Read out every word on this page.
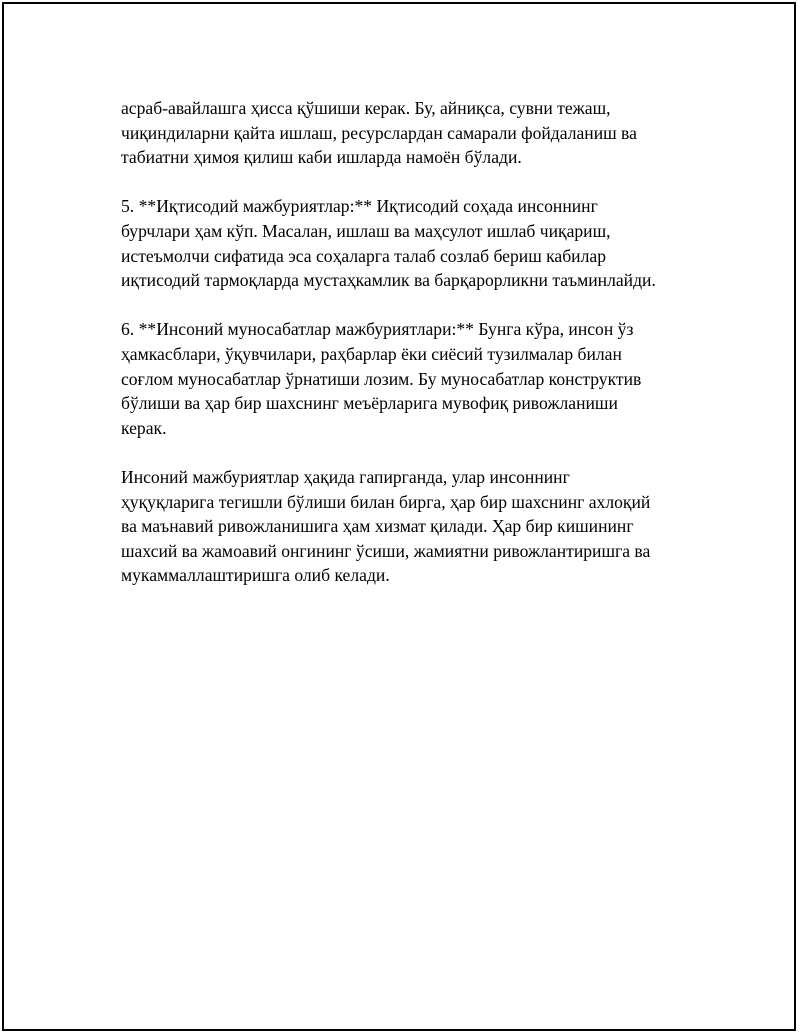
асраб-авайлашга ҳисса қўшиши керак. Бу, айниқса, сувни тежаш,
чиқиндиларни қайта ишлаш, ресурслардан самарали фойдаланиш ва
табиатни ҳимоя қилиш каби ишларда намоён бўлади.

5. **Иқтисодий мажбуриятлар:** Иқтисодий соҳада инсоннинг
бурчлари ҳам кўп. Масалан, ишлаш ва маҳсулот ишлаб чиқариш,
истеъмолчи сифатида эса соҳаларга талаб созлаб бериш кабилар
иқтисодий тармоқларда мустаҳкамлик ва барқарорликни таъминлайди.

6. **Инсоний муносабатлар мажбуриятлари:** Бунга кўра, инсон ўз
ҳамкасблари, ўқувчилари, раҳбарлар ёки сиёсий тузилмалар билан
соғлом муносабатлар ўрнатиши лозим. Бу муносабатлар конструктив
бўлиши ва ҳар бир шахснинг меъёрларига мувофиқ ривожланиши
керак.

Инсоний мажбуриятлар ҳақида гапирганда, улар инсоннинг
ҳуқуқларига тегишли бўлиши билан бирга, ҳар бир шахснинг ахлоқий
ва маънавий ривожланишига ҳам хизмат қилади. Ҳар бир кишининг
шахсий ва жамоавий онгининг ўсиши, жамиятни ривожлантиришга ва
мукаммаллаштиришга олиб келади.
